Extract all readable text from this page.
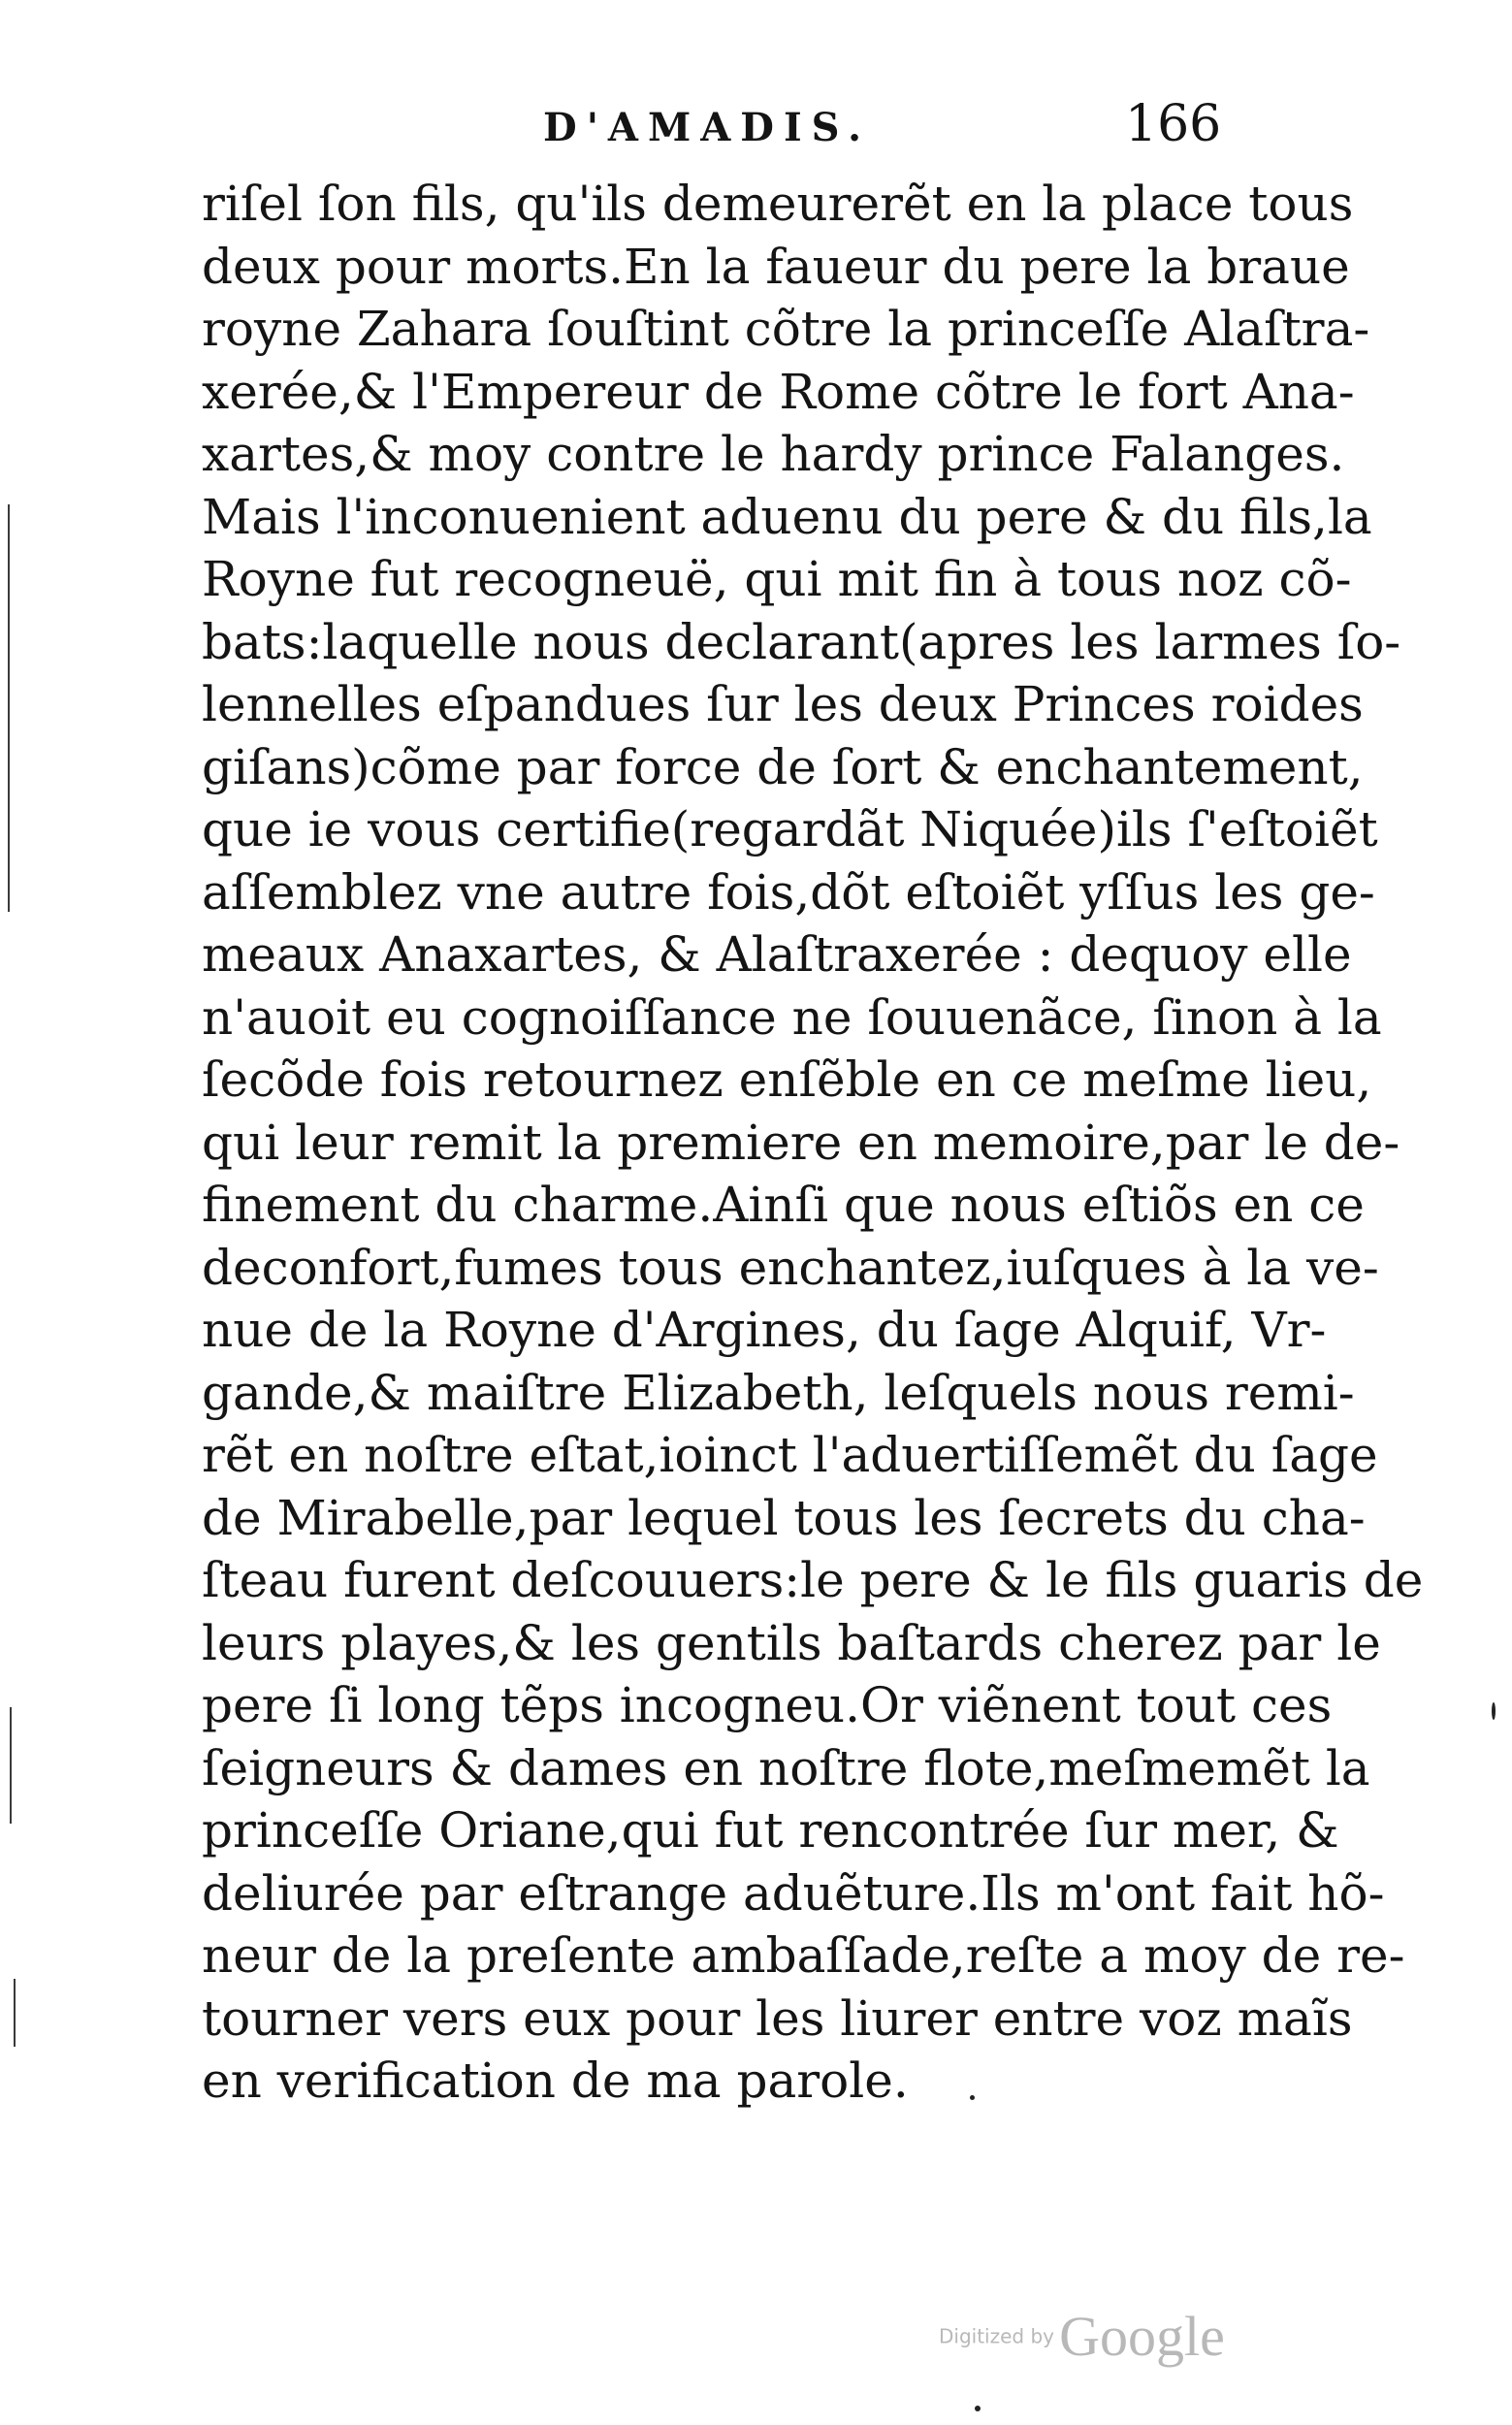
D'AMADIS.	166
riſel ſon fils, qu'ils demeurerẽt en la place tous
deux pour morts.En la faueur du pere la braue
royne Zahara ſouſtint cõtre la princeſſe Alaſtra-
xerée,& l'Empereur de Rome cõtre le fort Ana-
xartes,& moy contre le hardy prince Falanges.
Mais l'inconuenient aduenu du pere & du fils,la
Royne fut recogneuë, qui mit fin à tous noz cõ-
bats:laquelle nous declarant(apres les larmes ſo-
lennelles eſpandues ſur les deux Princes roides
giſans)cõme par force de ſort & enchantement,
que ie vous certifie(regardãt Niquée)ils ſ'eſtoiẽt
aſſemblez vne autre fois,dõt eſtoiẽt yſſus les ge-
meaux Anaxartes, & Alaſtraxerée : dequoy elle
n'auoit eu cognoiſſance ne ſouuenãce, ſinon à la
ſecõde fois retournez enſẽble en ce meſme lieu,
qui leur remit la premiere en memoire,par le de-
finement du charme.Ainſi que nous eſtiõs en ce
deconfort,fumes tous enchantez,iuſques à la ve-
nue de la Royne d'Argines, du ſage Alquif, Vr-
gande,& maiſtre Elizabeth, leſquels nous remi-
rẽt en noſtre eſtat,ioinct l'aduertiſſemẽt du ſage
de Mirabelle,par lequel tous les ſecrets du cha-
ſteau furent deſcouuers:le pere & le fils guaris de
leurs playes,& les gentils baſtards cherez par le
pere ſi long tẽps incogneu.Or viẽnent tout ces
ſeigneurs & dames en noſtre flote,meſmemẽt la
princeſſe Oriane,qui fut rencontrée ſur mer, &
deliurée par eſtrange aduẽture.Ils m'ont fait hõ-
neur de la preſente ambaſſade,reſte a moy de re-
tourner vers eux pour les liurer entre voz maĩs
en verification de ma parole.
Digitized by Google
